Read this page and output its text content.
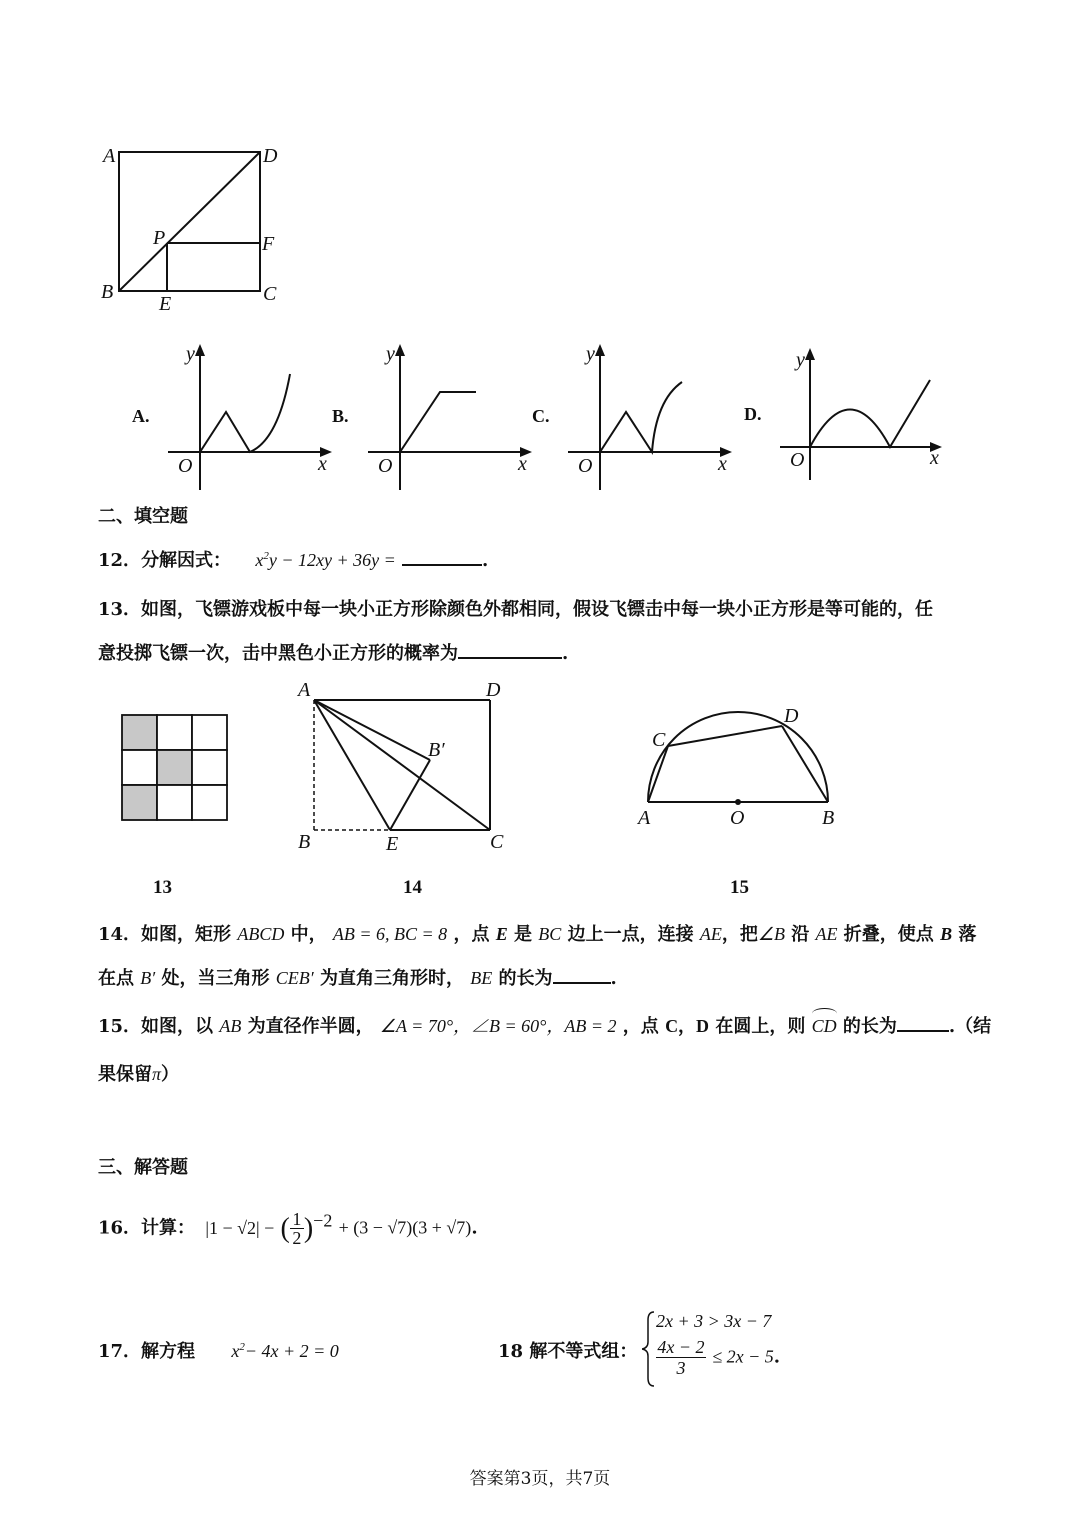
A	D
P	F
B
E	C
A.
y
O	x
B.
y
O	x
C.
y
O	x
D.
y
O	x
二、填空题
12．分解因式： $x^2y - 12xy + 36y$ =	.
13．如图，飞镖游戏板中每一块小正方形除颜色外都相同，假设飞镖击中每一块小正方形是等可能的，任
意投掷飞镖一次，击中黑色小正方形的概率为	.
A	D
B′
B	E	C
C
D
A	O	B
13	14	15
14．如图，矩形 ABCD 中， AB = 6, BC = 8 ，点 E 是 BC 边上一点，连接 AE，把∠B 沿 AE 折叠，使点 B 落
在点 B′ 处，当三角形 CEB′ 为直角三角形时， BE 的长为	.
15．如图，以 AB 为直径作半圆， ∠A = 70°，∠B = 60°，AB = 2 ，点 C，D 在圆上，则
CD 的长为	.（结
果保留π）
三、解答题
16．计算： |1 − √2| − ( $\frac{1}{2} )^{-2} + (3 - √7)(3 + √7)$.
17．解方程 $x^2- 4x + 2 = 0$	18 解不等式组：
2x + 3 > 3x − 7
$\frac{4x - 2}{3} \le 2x - 5$.
答案第3页，共7页
